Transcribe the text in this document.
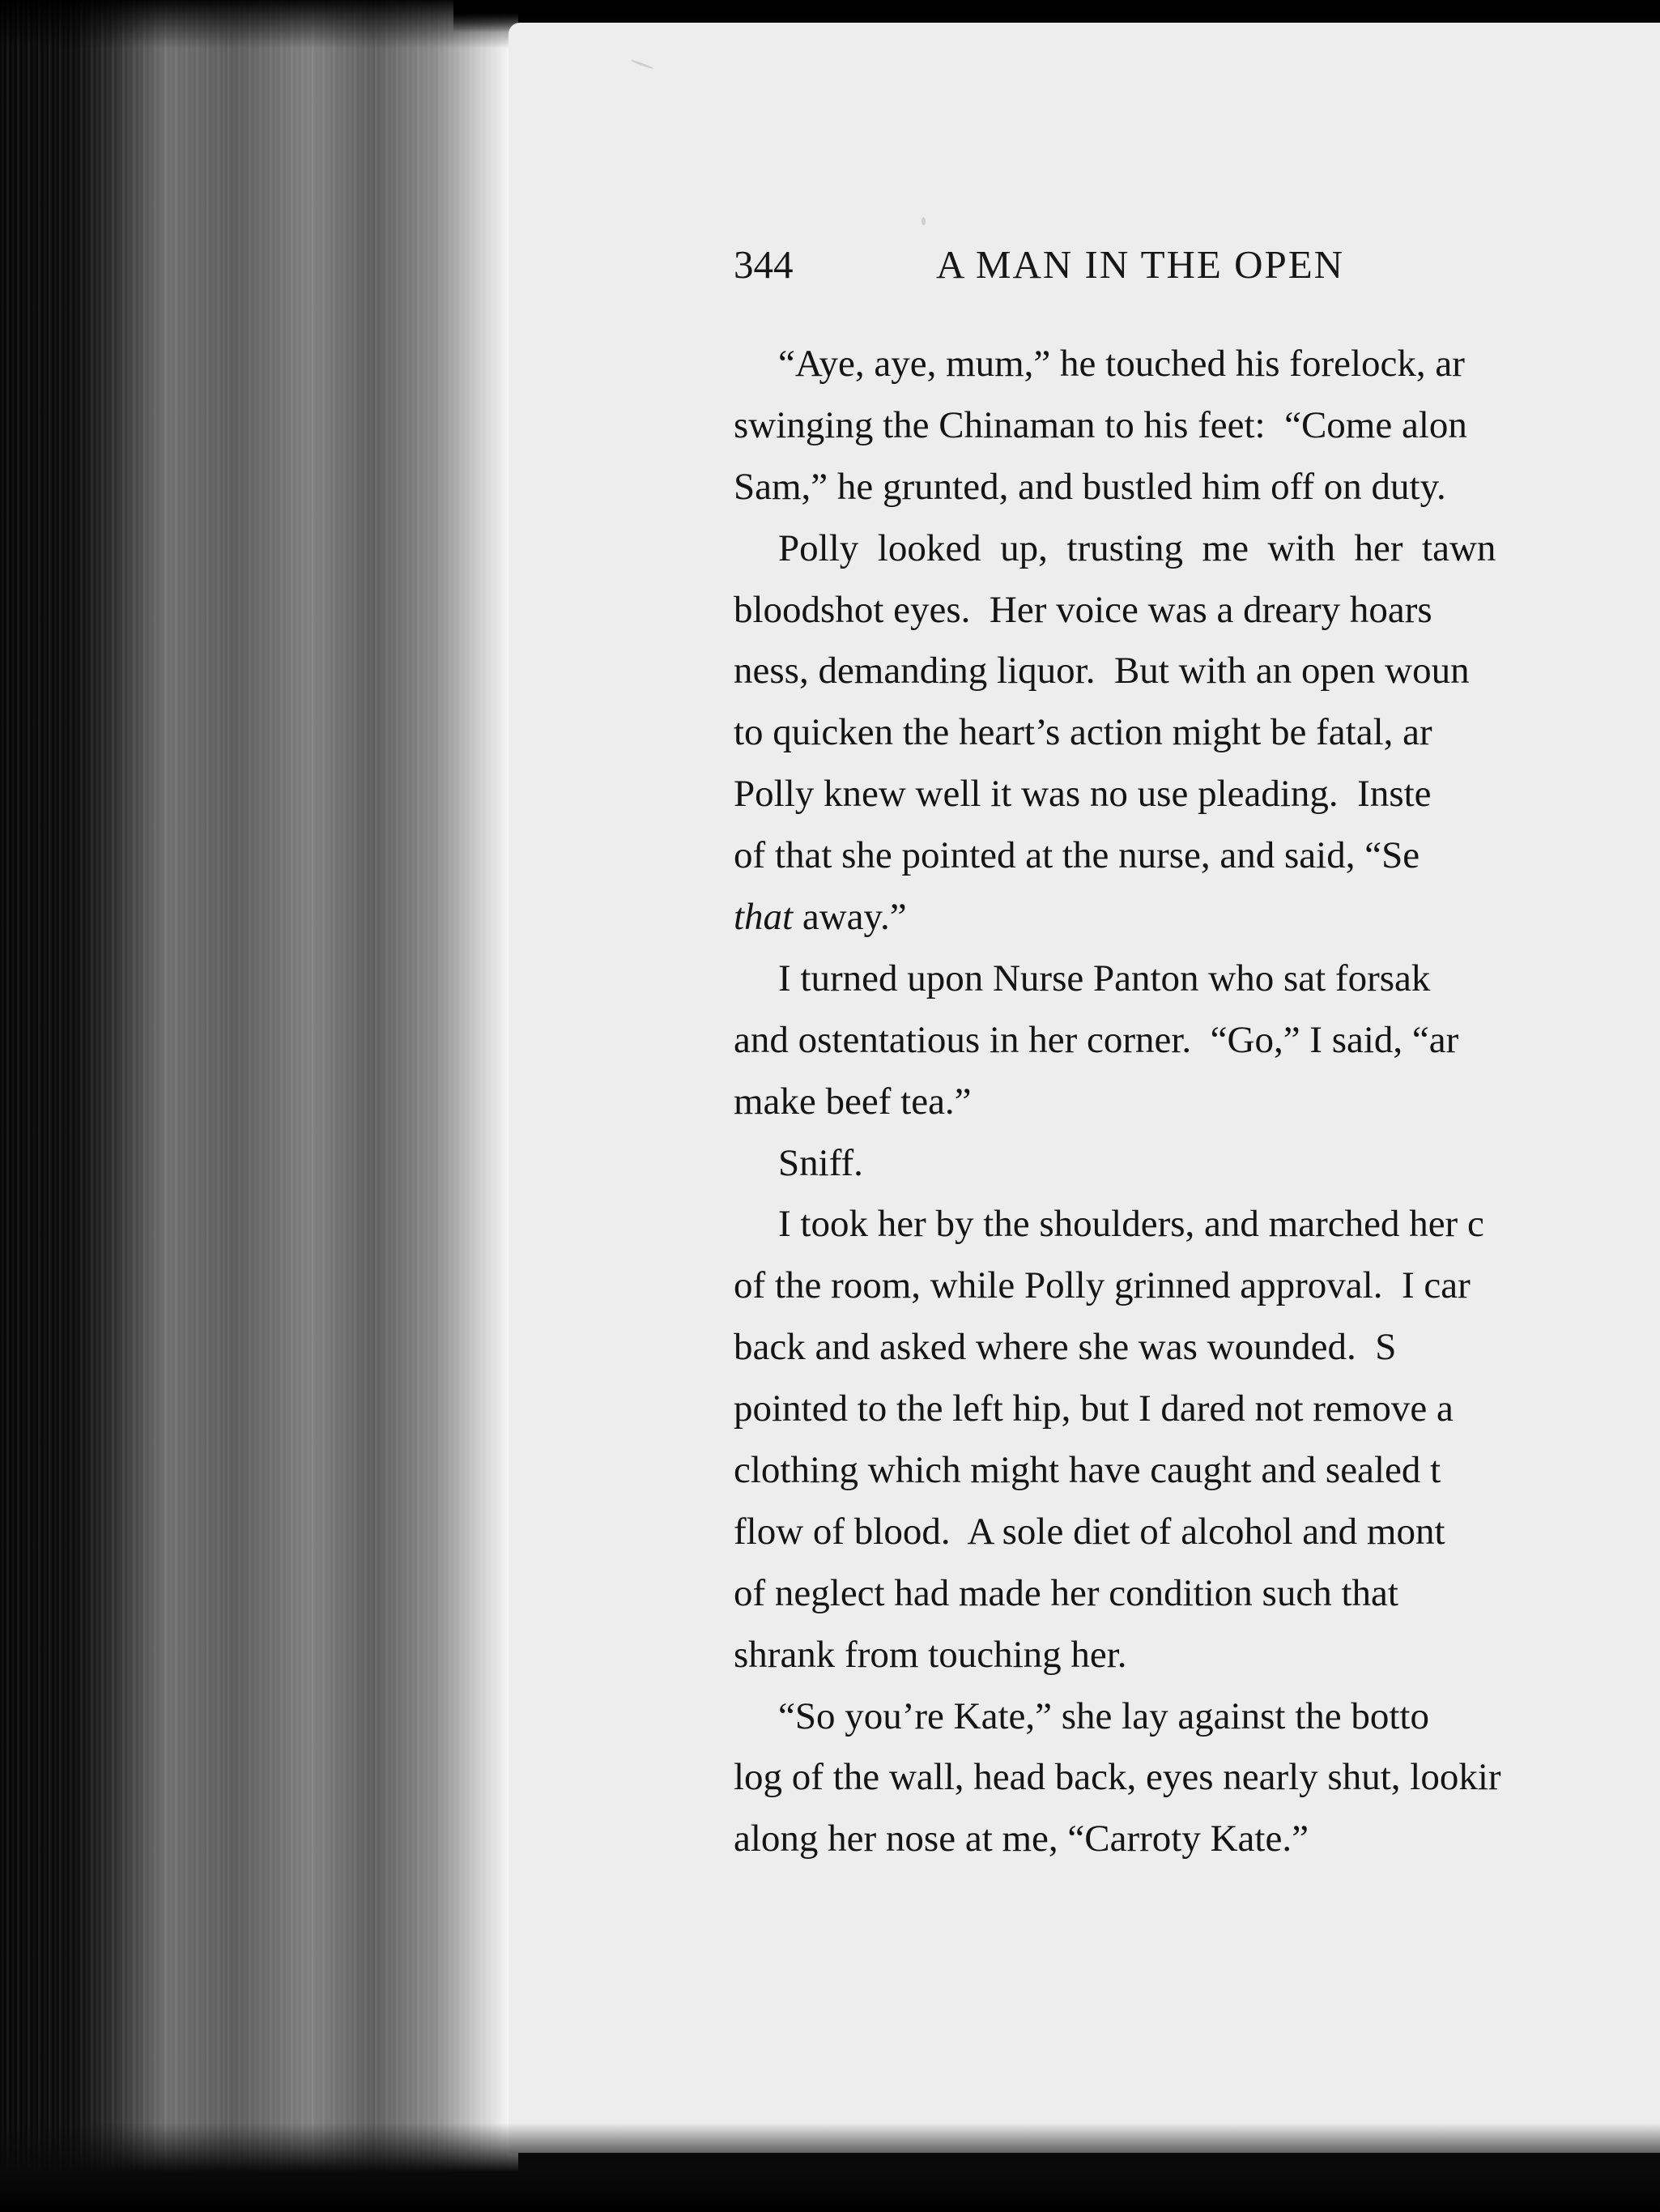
344	A MAN IN THE OPEN
“Aye, aye, mum,” he touched his forelock, ar
swinging the Chinaman to his feet:  “Come alon
Sam,” he grunted, and bustled him off on duty.
Polly  looked  up,  trusting  me  with  her  tawn
bloodshot eyes.  Her voice was a dreary hoars
ness, demanding liquor.  But with an open woun
to quicken the heart’s action might be fatal, ar
Polly knew well it was no use pleading.  Inste
of that she pointed at the nurse, and said, “Se
that away.”
I turned upon Nurse Panton who sat forsak
and ostentatious in her corner.  “Go,” I said, “ar
make beef tea.”
Sniff.
I took her by the shoulders, and marched her c
of the room, while Polly grinned approval.  I car
back and asked where she was wounded.  S
pointed to the left hip, but I dared not remove a
clothing which might have caught and sealed t
flow of blood.  A sole diet of alcohol and mont
of neglect had made her condition such that
shrank from touching her.
“So you’re Kate,” she lay against the botto
log of the wall, head back, eyes nearly shut, lookir
along her nose at me, “Carroty Kate.”
